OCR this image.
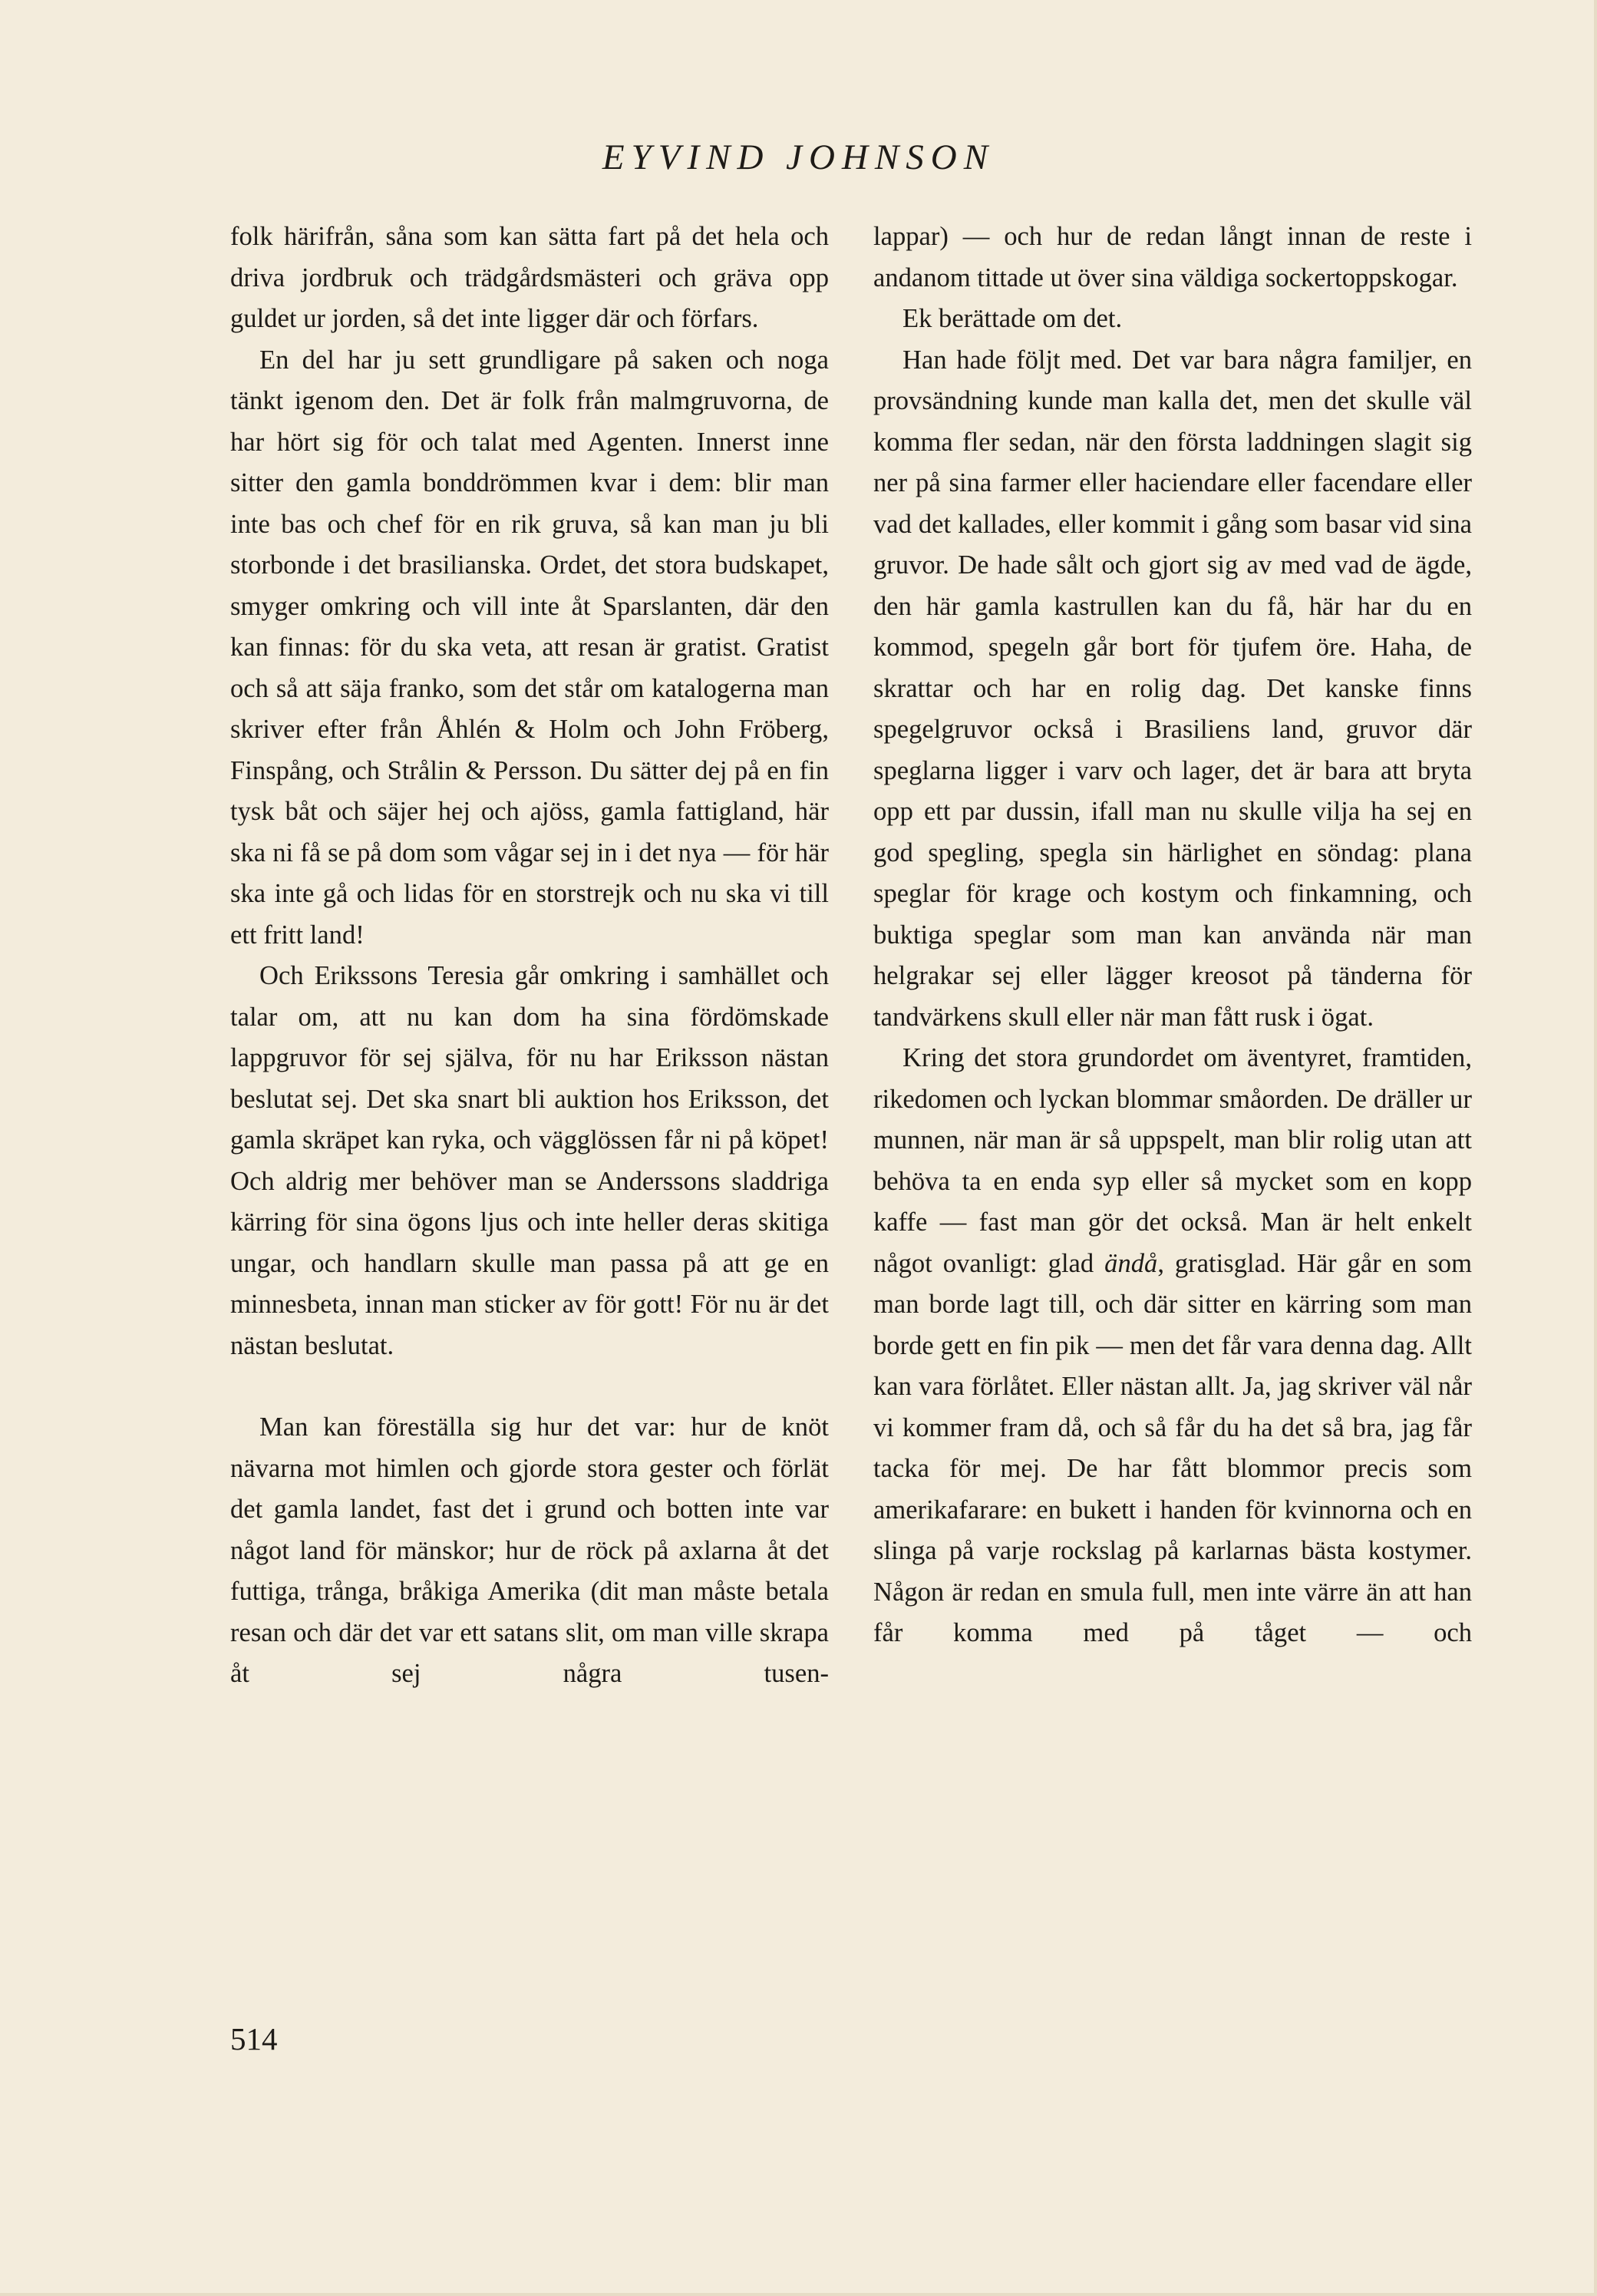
EYVIND JOHNSON

folk härifrån, såna som kan sätta fart på det hela och driva jordbruk och trädgårdsmästeri och gräva opp guldet ur jorden, så det inte ligger där och förfars.

En del har ju sett grundligare på saken och noga tänkt igenom den. Det är folk från malmgruvorna, de har hört sig för och talat med Agenten. Innerst inne sitter den gamla bonddrömmen kvar i dem: blir man inte bas och chef för en rik gruva, så kan man ju bli storbonde i det brasilianska. Ordet, det stora budskapet, smyger omkring och vill inte åt Sparslanten, där den kan finnas: för du ska veta, att resan är gratist. Gratist och så att säja franko, som det står om katalogerna man skriver efter från Åhlén & Holm och John Fröberg, Finspång, och Strålin & Persson. Du sätter dej på en fin tysk båt och säjer hej och ajöss, gamla fattigland, här ska ni få se på dom som vågar sej in i det nya — för här ska inte gå och lidas för en storstrejk och nu ska vi till ett fritt land!

Och Erikssons Teresia går omkring i samhället och talar om, att nu kan dom ha sina fördömskade lappgruvor för sej själva, för nu har Eriksson nästan beslutat sej. Det ska snart bli auktion hos Eriksson, det gamla skräpet kan ryka, och vägglössen får ni på köpet! Och aldrig mer behöver man se Anderssons sladdriga kärring för sina ögons ljus och inte heller deras skitiga ungar, och handlarn skulle man passa på att ge en minnesbeta, innan man sticker av för gott! För nu är det nästan beslutat.

Man kan föreställa sig hur det var: hur de knöt nävarna mot himlen och gjorde stora gester och förlät det gamla landet, fast det i grund och botten inte var något land för mänskor; hur de röck på axlarna åt det futtiga, trånga, bråkiga Amerika (dit man måste betala resan och där det var ett satans slit, om man ville skrapa åt sej några tusen-

lappar) — och hur de redan långt innan de reste i andanom tittade ut över sina väldiga sockertoppskogar.

Ek berättade om det.

Han hade följt med. Det var bara några familjer, en provsändning kunde man kalla det, men det skulle väl komma fler sedan, när den första laddningen slagit sig ner på sina farmer eller haciendare eller facendare eller vad det kallades, eller kommit i gång som basar vid sina gruvor. De hade sålt och gjort sig av med vad de ägde, den här gamla kastrullen kan du få, här har du en kommod, spegeln går bort för tjufem öre. Haha, de skrattar och har en rolig dag. Det kanske finns spegelgruvor också i Brasiliens land, gruvor där speglarna ligger i varv och lager, det är bara att bryta opp ett par dussin, ifall man nu skulle vilja ha sej en god spegling, spegla sin härlighet en söndag: plana speglar för krage och kostym och finkamning, och buktiga speglar som man kan använda när man helgrakar sej eller lägger kreosot på tänderna för tandvärkens skull eller när man fått rusk i ögat.

Kring det stora grundordet om äventyret, framtiden, rikedomen och lyckan blommar småorden. De dräller ur munnen, när man är så uppspelt, man blir rolig utan att behöva ta en enda syp eller så mycket som en kopp kaffe — fast man gör det också. Man är helt enkelt något ovanligt: glad ändå, gratisglad. Här går en som man borde lagt till, och där sitter en kärring som man borde gett en fin pik — men det får vara denna dag. Allt kan vara förlåtet. Eller nästan allt. Ja, jag skriver väl når vi kommer fram då, och så får du ha det så bra, jag får tacka för mej. De har fått blommor precis som amerikafarare: en bukett i handen för kvinnorna och en slinga på varje rockslag på karlarnas bästa kostymer. Någon är redan en smula full, men inte värre än att han får komma med på tåget — och

514
